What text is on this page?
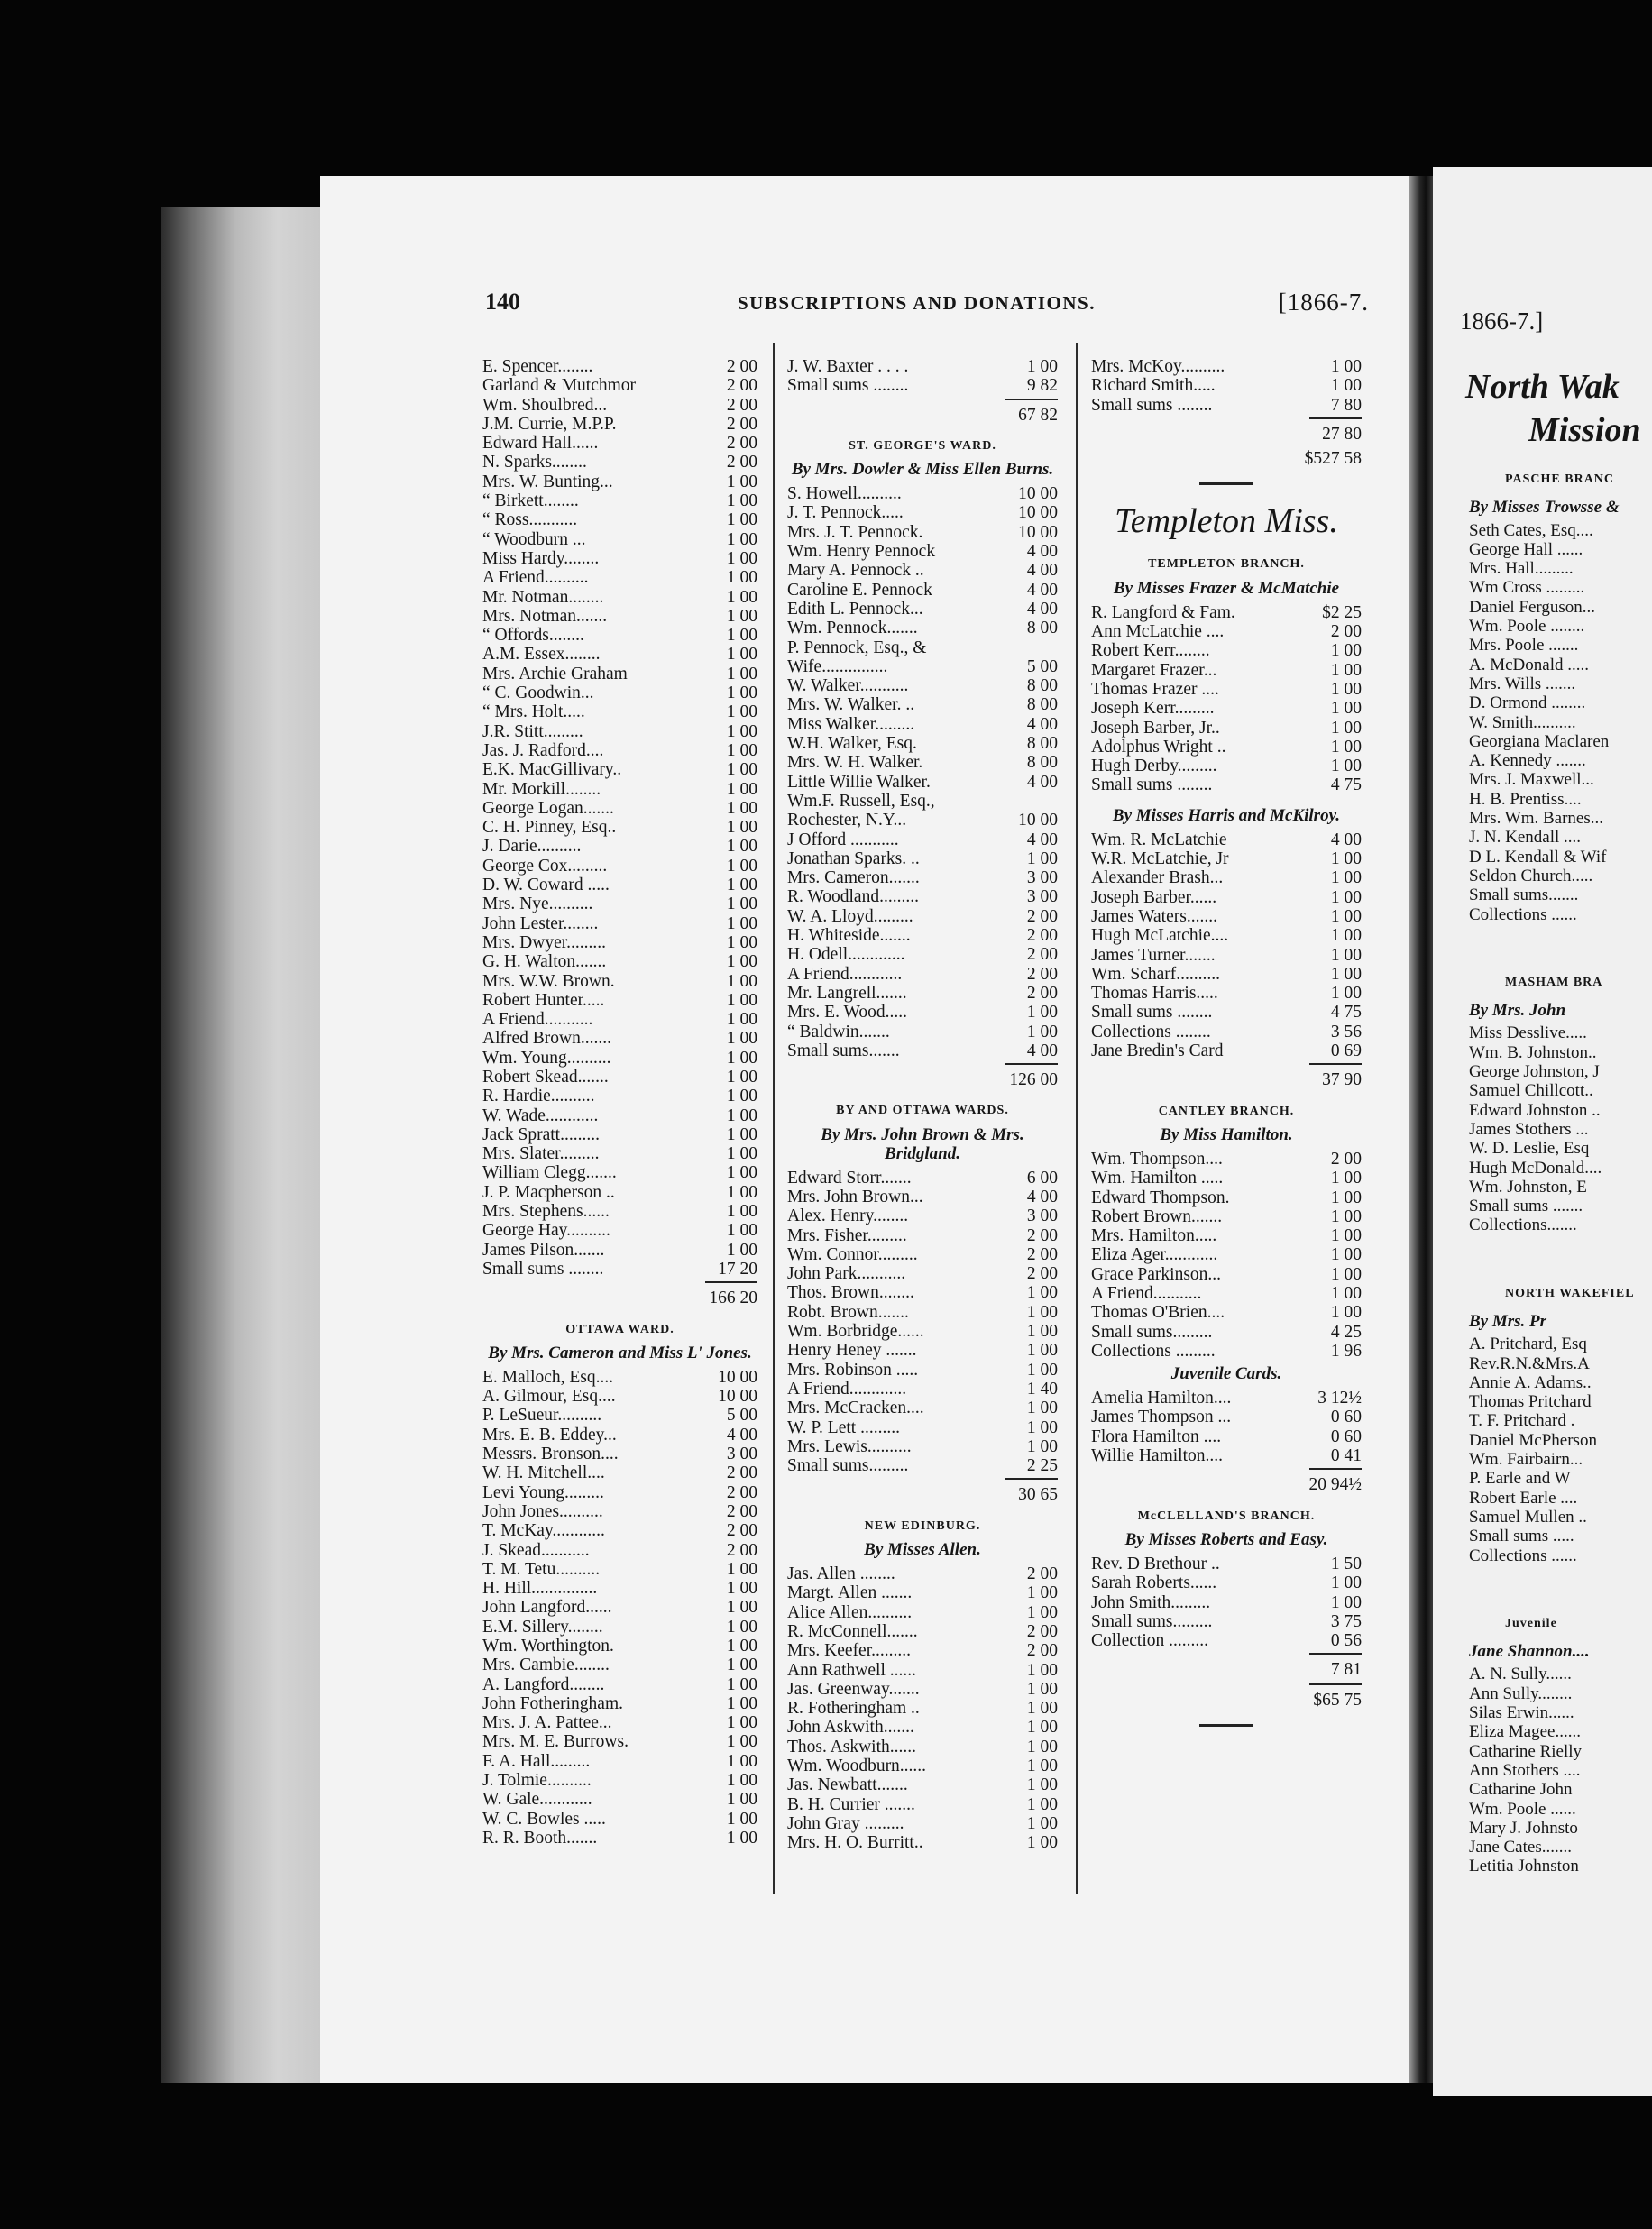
140	SUBSCRIPTIONS AND DONATIONS.	[1866-7.
E. Spencer........	2 00
Garland & Mutchmor	2 00
Wm. Shoulbred...	2 00
J.M. Currie, M.P.P.	2 00
Edward Hall......	2 00
N. Sparks........	2 00
Mrs. W. Bunting...	1 00
“ Birkett........	1 00
“ Ross...........	1 00
“ Woodburn ...	1 00
Miss Hardy........	1 00
A Friend..........	1 00
Mr. Notman........	1 00
Mrs. Notman.......	1 00
“ Offords........	1 00
A.M. Essex........	1 00
Mrs. Archie Graham	1 00
“ C. Goodwin...	1 00
“ Mrs. Holt.....	1 00
J.R. Stitt.........	1 00
Jas. J. Radford....	1 00
E.K. MacGillivary..	1 00
Mr. Morkill........	1 00
George Logan.......	1 00
C. H. Pinney, Esq..	1 00
J. Darie..........	1 00
George Cox.........	1 00
D. W. Coward .....	1 00
Mrs. Nye..........	1 00
John Lester........	1 00
Mrs. Dwyer.........	1 00
G. H. Walton.......	1 00
Mrs. W.W. Brown.	1 00
Robert Hunter.....	1 00
A Friend...........	1 00
Alfred Brown.......	1 00
Wm. Young..........	1 00
Robert Skead.......	1 00
R. Hardie..........	1 00
W. Wade............	1 00
Jack Spratt.........	1 00
Mrs. Slater.........	1 00
William Clegg.......	1 00
J. P. Macpherson ..	1 00
Mrs. Stephens......	1 00
George Hay..........	1 00
James Pilson.......	1 00
Small sums ........	17 20
166 20
OTTAWA WARD.
By Mrs. Cameron and Miss L' Jones.
E. Malloch, Esq....	10 00
A. Gilmour, Esq....	10 00
P. LeSueur..........	5 00
Mrs. E. B. Eddey...	4 00
Messrs. Bronson....	3 00
W. H. Mitchell....	2 00
Levi Young.........	2 00
John Jones..........	2 00
T. McKay............	2 00
J. Skead...........	2 00
T. M. Tetu..........	1 00
H. Hill...............	1 00
John Langford......	1 00
E.M. Sillery........	1 00
Wm. Worthington.	1 00
Mrs. Cambie........	1 00
A. Langford........	1 00
John Fotheringham.	1 00
Mrs. J. A. Pattee...	1 00
Mrs. M. E. Burrows.	1 00
F. A. Hall.........	1 00
J. Tolmie..........	1 00
W. Gale............	1 00
W. C. Bowles .....	1 00
R. R. Booth.......	1 00
J. W. Baxter . . . .	1 00
Small sums ........	9 82
67 82
ST. GEORGE'S WARD.
By Mrs. Dowler & Miss Ellen Burns.
S. Howell..........	10 00
J. T. Pennock.....	10 00
Mrs. J. T. Pennock.	10 00
Wm. Henry Pennock	4 00
Mary A. Pennock ..	4 00
Caroline E. Pennock	4 00
Edith L. Pennock...	4 00
Wm. Pennock.......	8 00
P. Pennock, Esq., &
Wife...............	5 00
W. Walker...........	8 00
Mrs. W. Walker. ..	8 00
Miss Walker.........	4 00
W.H. Walker, Esq.	8 00
Mrs. W. H. Walker.	8 00
Little Willie Walker.	4 00
Wm.F. Russell, Esq.,
Rochester, N.Y...	10 00
J Offord ...........	4 00
Jonathan Sparks. ..	1 00
Mrs. Cameron.......	3 00
R. Woodland.........	3 00
W. A. Lloyd.........	2 00
H. Whiteside.......	2 00
H. Odell.............	2 00
A Friend............	2 00
Mr. Langrell.......	2 00
Mrs. E. Wood.....	1 00
“ Baldwin.......	1 00
Small sums.......	4 00
126 00
BY AND OTTAWA WARDS.
By Mrs. John Brown & Mrs. Bridgland.
Edward Storr.......	6 00
Mrs. John Brown...	4 00
Alex. Henry........	3 00
Mrs. Fisher.........	2 00
Wm. Connor.........	2 00
John Park...........	2 00
Thos. Brown........	1 00
Robt. Brown.......	1 00
Wm. Borbridge......	1 00
Henry Heney .......	1 00
Mrs. Robinson .....	1 00
A Friend.............	1 40
Mrs. McCracken....	1 00
W. P. Lett .........	1 00
Mrs. Lewis..........	1 00
Small sums.........	2 25
30 65
NEW EDINBURG.
By Misses Allen.
Jas. Allen ........	2 00
Margt. Allen .......	1 00
Alice Allen..........	1 00
R. McConnell.......	2 00
Mrs. Keefer.........	2 00
Ann Rathwell ......	1 00
Jas. Greenway.......	1 00
R. Fotheringham ..	1 00
John Askwith.......	1 00
Thos. Askwith......	1 00
Wm. Woodburn......	1 00
Jas. Newbatt.......	1 00
B. H. Currier .......	1 00
John Gray .........	1 00
Mrs. H. O. Burritt..	1 00
Mrs. McKoy..........	1 00
Richard Smith.....	1 00
Small sums ........	7 80
27 80
$527 58
Templeton Miss.
TEMPLETON BRANCH.
By Misses Frazer & McMatchie
R. Langford & Fam.	$2 25
Ann McLatchie ....	2 00
Robert Kerr........	1 00
Margaret Frazer...	1 00
Thomas Frazer ....	1 00
Joseph Kerr.........	1 00
Joseph Barber, Jr..	1 00
Adolphus Wright ..	1 00
Hugh Derby.........	1 00
Small sums ........	4 75
By Misses Harris and McKilroy.
Wm. R. McLatchie	4 00
W.R. McLatchie, Jr	1 00
Alexander Brash...	1 00
Joseph Barber......	1 00
James Waters.......	1 00
Hugh McLatchie....	1 00
James Turner.......	1 00
Wm. Scharf..........	1 00
Thomas Harris.....	1 00
Small sums ........	4 75
Collections ........	3 56
Jane Bredin's Card	0 69
37 90
CANTLEY BRANCH.
By Miss Hamilton.
Wm. Thompson....	2 00
Wm. Hamilton .....	1 00
Edward Thompson.	1 00
Robert Brown.......	1 00
Mrs. Hamilton.....	1 00
Eliza Ager............	1 00
Grace Parkinson...	1 00
A Friend...........	1 00
Thomas O'Brien....	1 00
Small sums.........	4 25
Collections .........	1 96
Juvenile Cards.
Amelia Hamilton....	3 12½
James Thompson ...	0 60
Flora Hamilton ....	0 60
Willie Hamilton....	0 41
20 94½
McCLELLAND'S BRANCH.
By Misses Roberts and Easy.
Rev. D Brethour ..	1 50
Sarah Roberts......	1 00
John Smith.........	1 00
Small sums.........	3 75
Collection .........	0 56
7 81
$65 75
1866-7.]
North Wak
Mission
PASCHE BRANC
By Misses Trowsse &
Seth Cates, Esq....
George Hall ......
Mrs. Hall.........
Wm Cross .........
Daniel Ferguson...
Wm. Poole ........
Mrs. Poole .......
A. McDonald .....
Mrs. Wills .......
D. Ormond ........
W. Smith..........
Georgiana Maclaren
A. Kennedy .......
Mrs. J. Maxwell...
H. B. Prentiss....
Mrs. Wm. Barnes...
J. N. Kendall ....
D L. Kendall & Wif
Seldon Church.....
Small sums.......
Collections ......
MASHAM BRA
By Mrs. John
Miss Desslive.....
Wm. B. Johnston..
George Johnston, J
Samuel Chillcott..
Edward Johnston ..
James Stothers ...
W. D. Leslie, Esq
Hugh McDonald....
Wm. Johnston, E
Small sums .......
Collections.......
NORTH WAKEFIEL
By Mrs. Pr
A. Pritchard, Esq
Rev.R.N.&Mrs.A
Annie A. Adams..
Thomas Pritchard
T. F. Pritchard .
Daniel McPherson
Wm. Fairbairn...
P. Earle and W
Robert Earle ....
Samuel Mullen ..
Small sums .....
Collections ......
Juvenile
Jane Shannon....
A. N. Sully......
Ann Sully........
Silas Erwin......
Eliza Magee......
Catharine Rielly
Ann Stothers ....
Catharine John
Wm. Poole ......
Mary J. Johnsto
Jane Cates.......
Letitia Johnston
